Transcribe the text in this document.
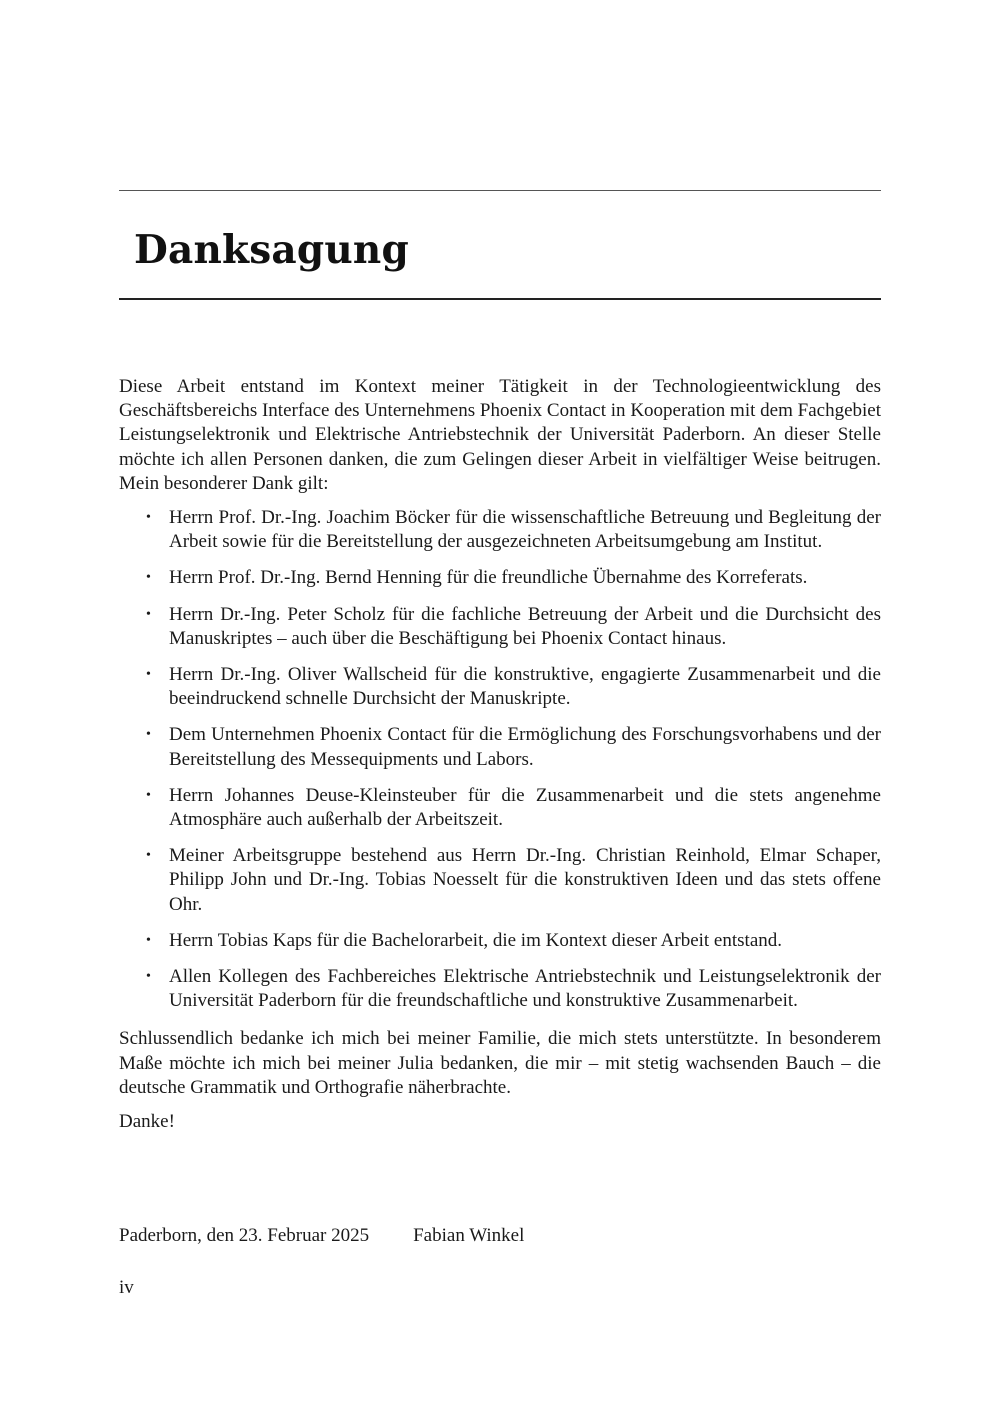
Danksagung

Diese Arbeit entstand im Kontext meiner Tätigkeit in der Technologieentwicklung des Geschäftsbereichs Interface des Unternehmens Phoenix Contact in Kooperation mit dem Fachgebiet Leistungselektronik und Elektrische Antriebstechnik der Universität Paderborn. An dieser Stelle möchte ich allen Personen danken, die zum Gelingen dieser Arbeit in vielfältiger Weise beitrugen. Mein besonderer Dank gilt:

• Herrn Prof. Dr.-Ing. Joachim Böcker für die wissenschaftliche Betreuung und Begleitung der Arbeit sowie für die Bereitstellung der ausgezeichneten Arbeitsumgebung am Institut.
• Herrn Prof. Dr.-Ing. Bernd Henning für die freundliche Übernahme des Korreferats.
• Herrn Dr.-Ing. Peter Scholz für die fachliche Betreuung der Arbeit und die Durchsicht des Manuskriptes – auch über die Beschäftigung bei Phoenix Contact hinaus.
• Herrn Dr.-Ing. Oliver Wallscheid für die konstruktive, engagierte Zusammenarbeit und die beeindruckend schnelle Durchsicht der Manuskripte.
• Dem Unternehmen Phoenix Contact für die Ermöglichung des Forschungsvorhabens und der Bereitstellung des Messequipments und Labors.
• Herrn Johannes Deuse-Kleinsteuber für die Zusammenarbeit und die stets angenehme Atmosphäre auch außerhalb der Arbeitszeit.
• Meiner Arbeitsgruppe bestehend aus Herrn Dr.-Ing. Christian Reinhold, Elmar Schaper, Philipp John und Dr.-Ing. Tobias Noesselt für die konstruktiven Ideen und das stets offene Ohr.
• Herrn Tobias Kaps für die Bachelorarbeit, die im Kontext dieser Arbeit entstand.
• Allen Kollegen des Fachbereiches Elektrische Antriebstechnik und Leistungselektronik der Universität Paderborn für die freundschaftliche und konstruktive Zusammenarbeit.

Schlussendlich bedanke ich mich bei meiner Familie, die mich stets unterstützte. In besonderem Maße möchte ich mich bei meiner Julia bedanken, die mir – mit stetig wachsenden Bauch – die deutsche Grammatik und Orthografie näherbrachte.

Danke!

Paderborn, den 23. Februar 2025 Fabian Winkel
iv
